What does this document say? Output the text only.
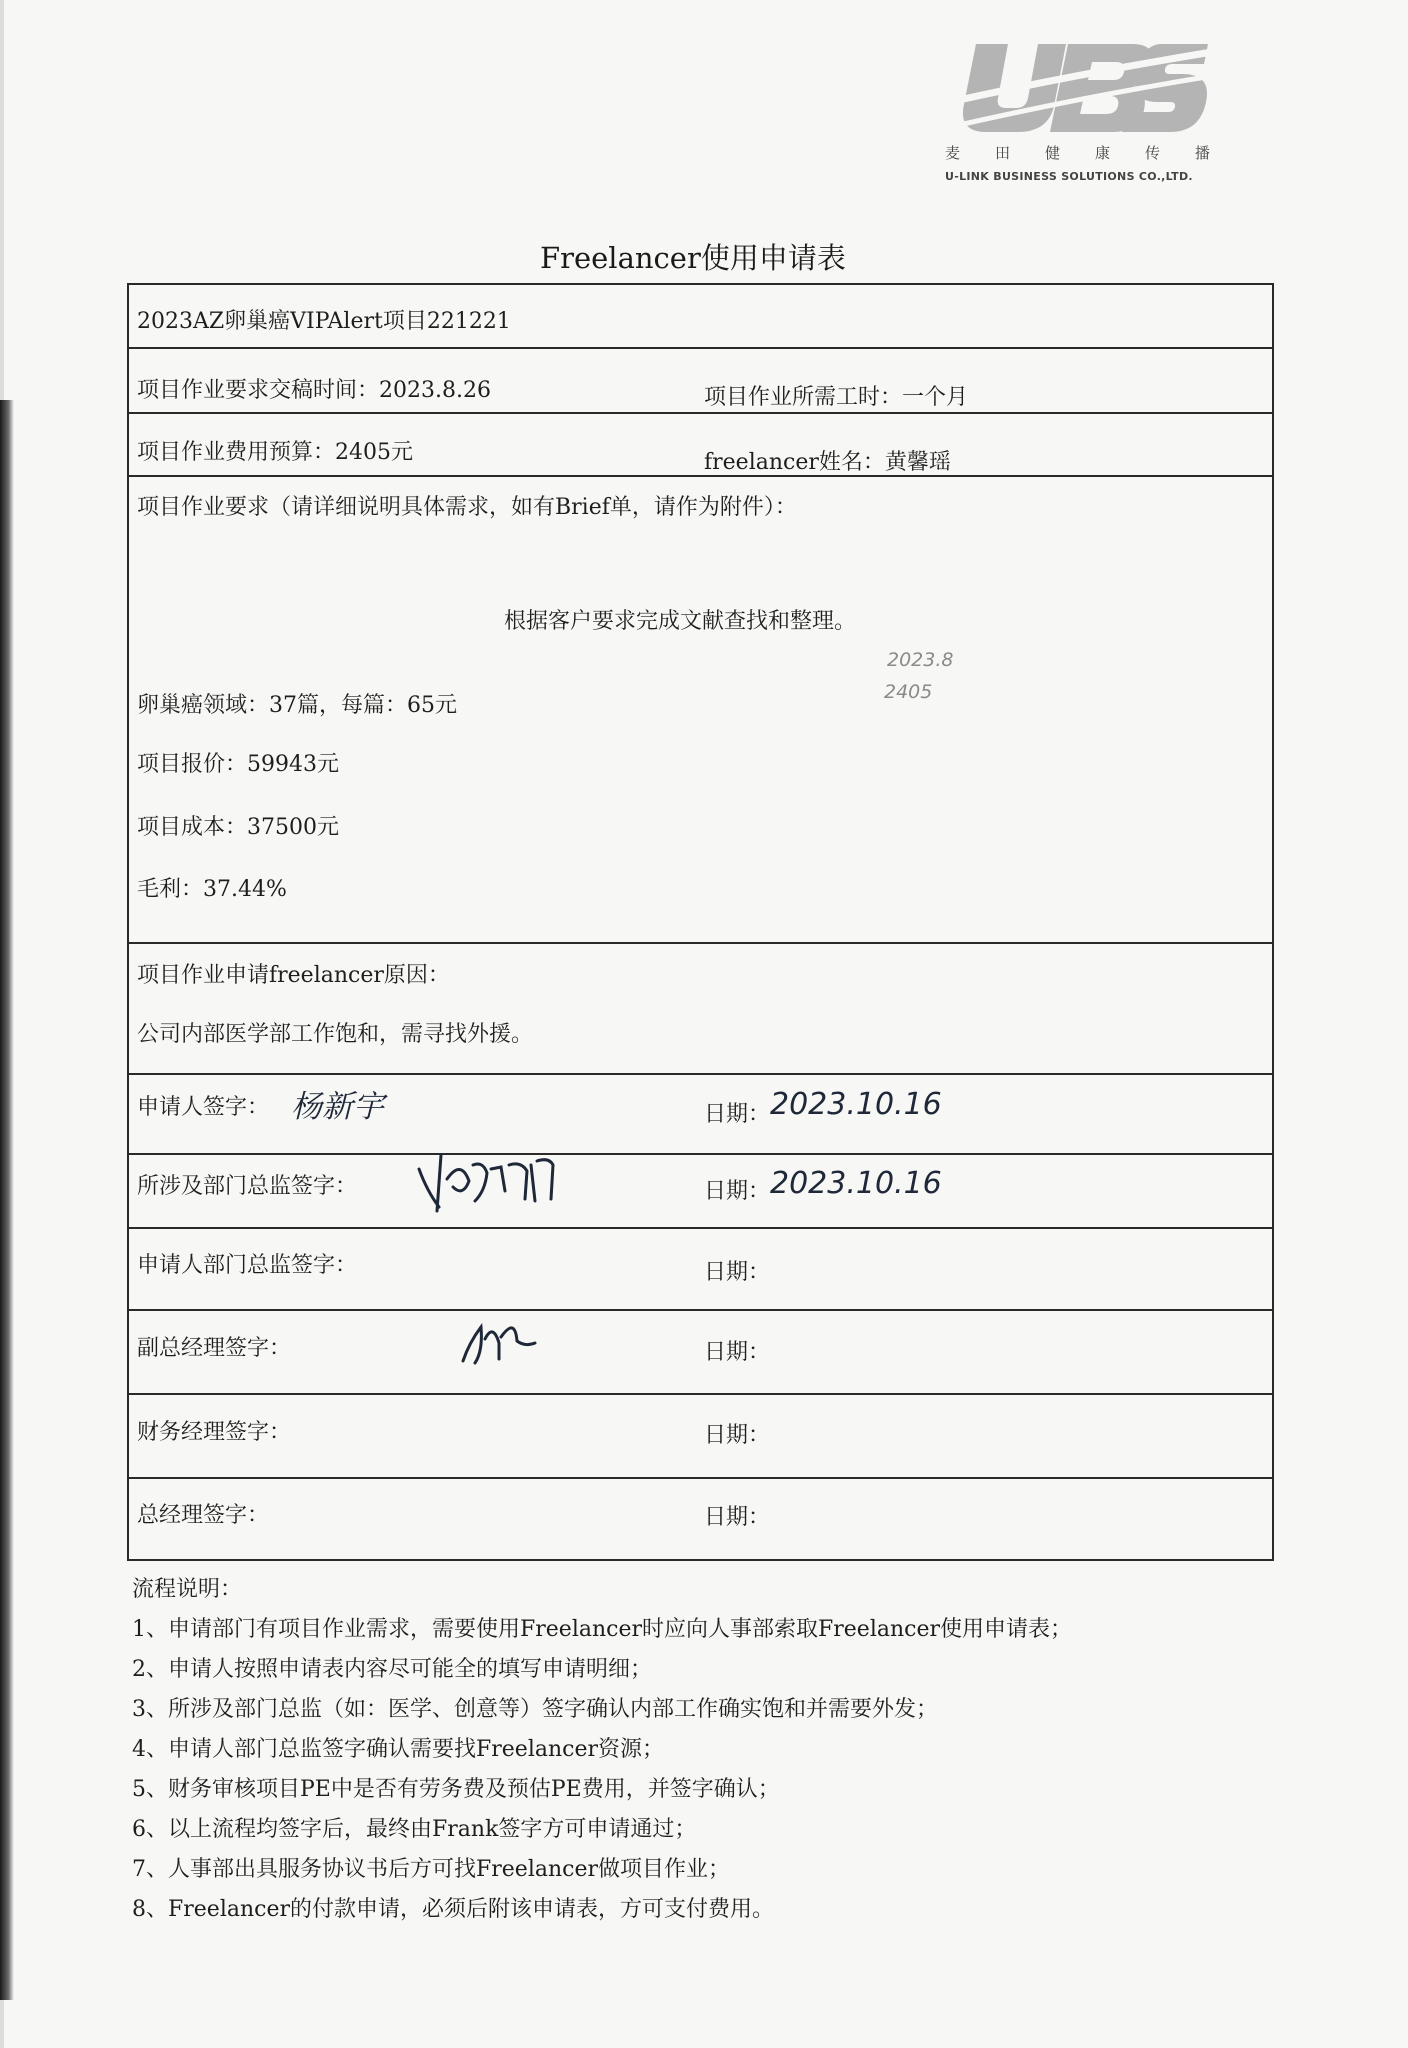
麦 田 健 康 传 播
U-LINK BUSINESS SOLUTIONS CO.,LTD.
Freelancer使用申请表
2023AZ卵巢癌VIPAlert项目221221
项目作业要求交稿时间：2023.8.26	项目作业所需工时：一个月
项目作业费用预算：2405元	freelancer姓名：黄馨瑶
项目作业要求（请详细说明具体需求，如有Brief单，请作为附件）：
根据客户要求完成文献查找和整理。
2023.8
2405
卵巢癌领域：37篇，每篇：65元
项目报价：59943元
项目成本：37500元
毛利：37.44%
项目作业申请freelancer原因：
公司内部医学部工作饱和，需寻找外援。
申请人签字： 杨新宇	日期： 2023.10.16
所涉及部门总监签字：	日期： 2023.10.16
申请人部门总监签字：	日期：
副总经理签字：	日期：
财务经理签字：	日期：
总经理签字：	日期：
流程说明：
1、申请部门有项目作业需求，需要使用Freelancer时应向人事部索取Freelancer使用申请表；
2、申请人按照申请表内容尽可能全的填写申请明细；
3、所涉及部门总监（如：医学、创意等）签字确认内部工作确实饱和并需要外发；
4、申请人部门总监签字确认需要找Freelancer资源；
5、财务审核项目PE中是否有劳务费及预估PE费用，并签字确认；
6、以上流程均签字后，最终由Frank签字方可申请通过；
7、人事部出具服务协议书后方可找Freelancer做项目作业；
8、Freelancer的付款申请，必须后附该申请表，方可支付费用。
